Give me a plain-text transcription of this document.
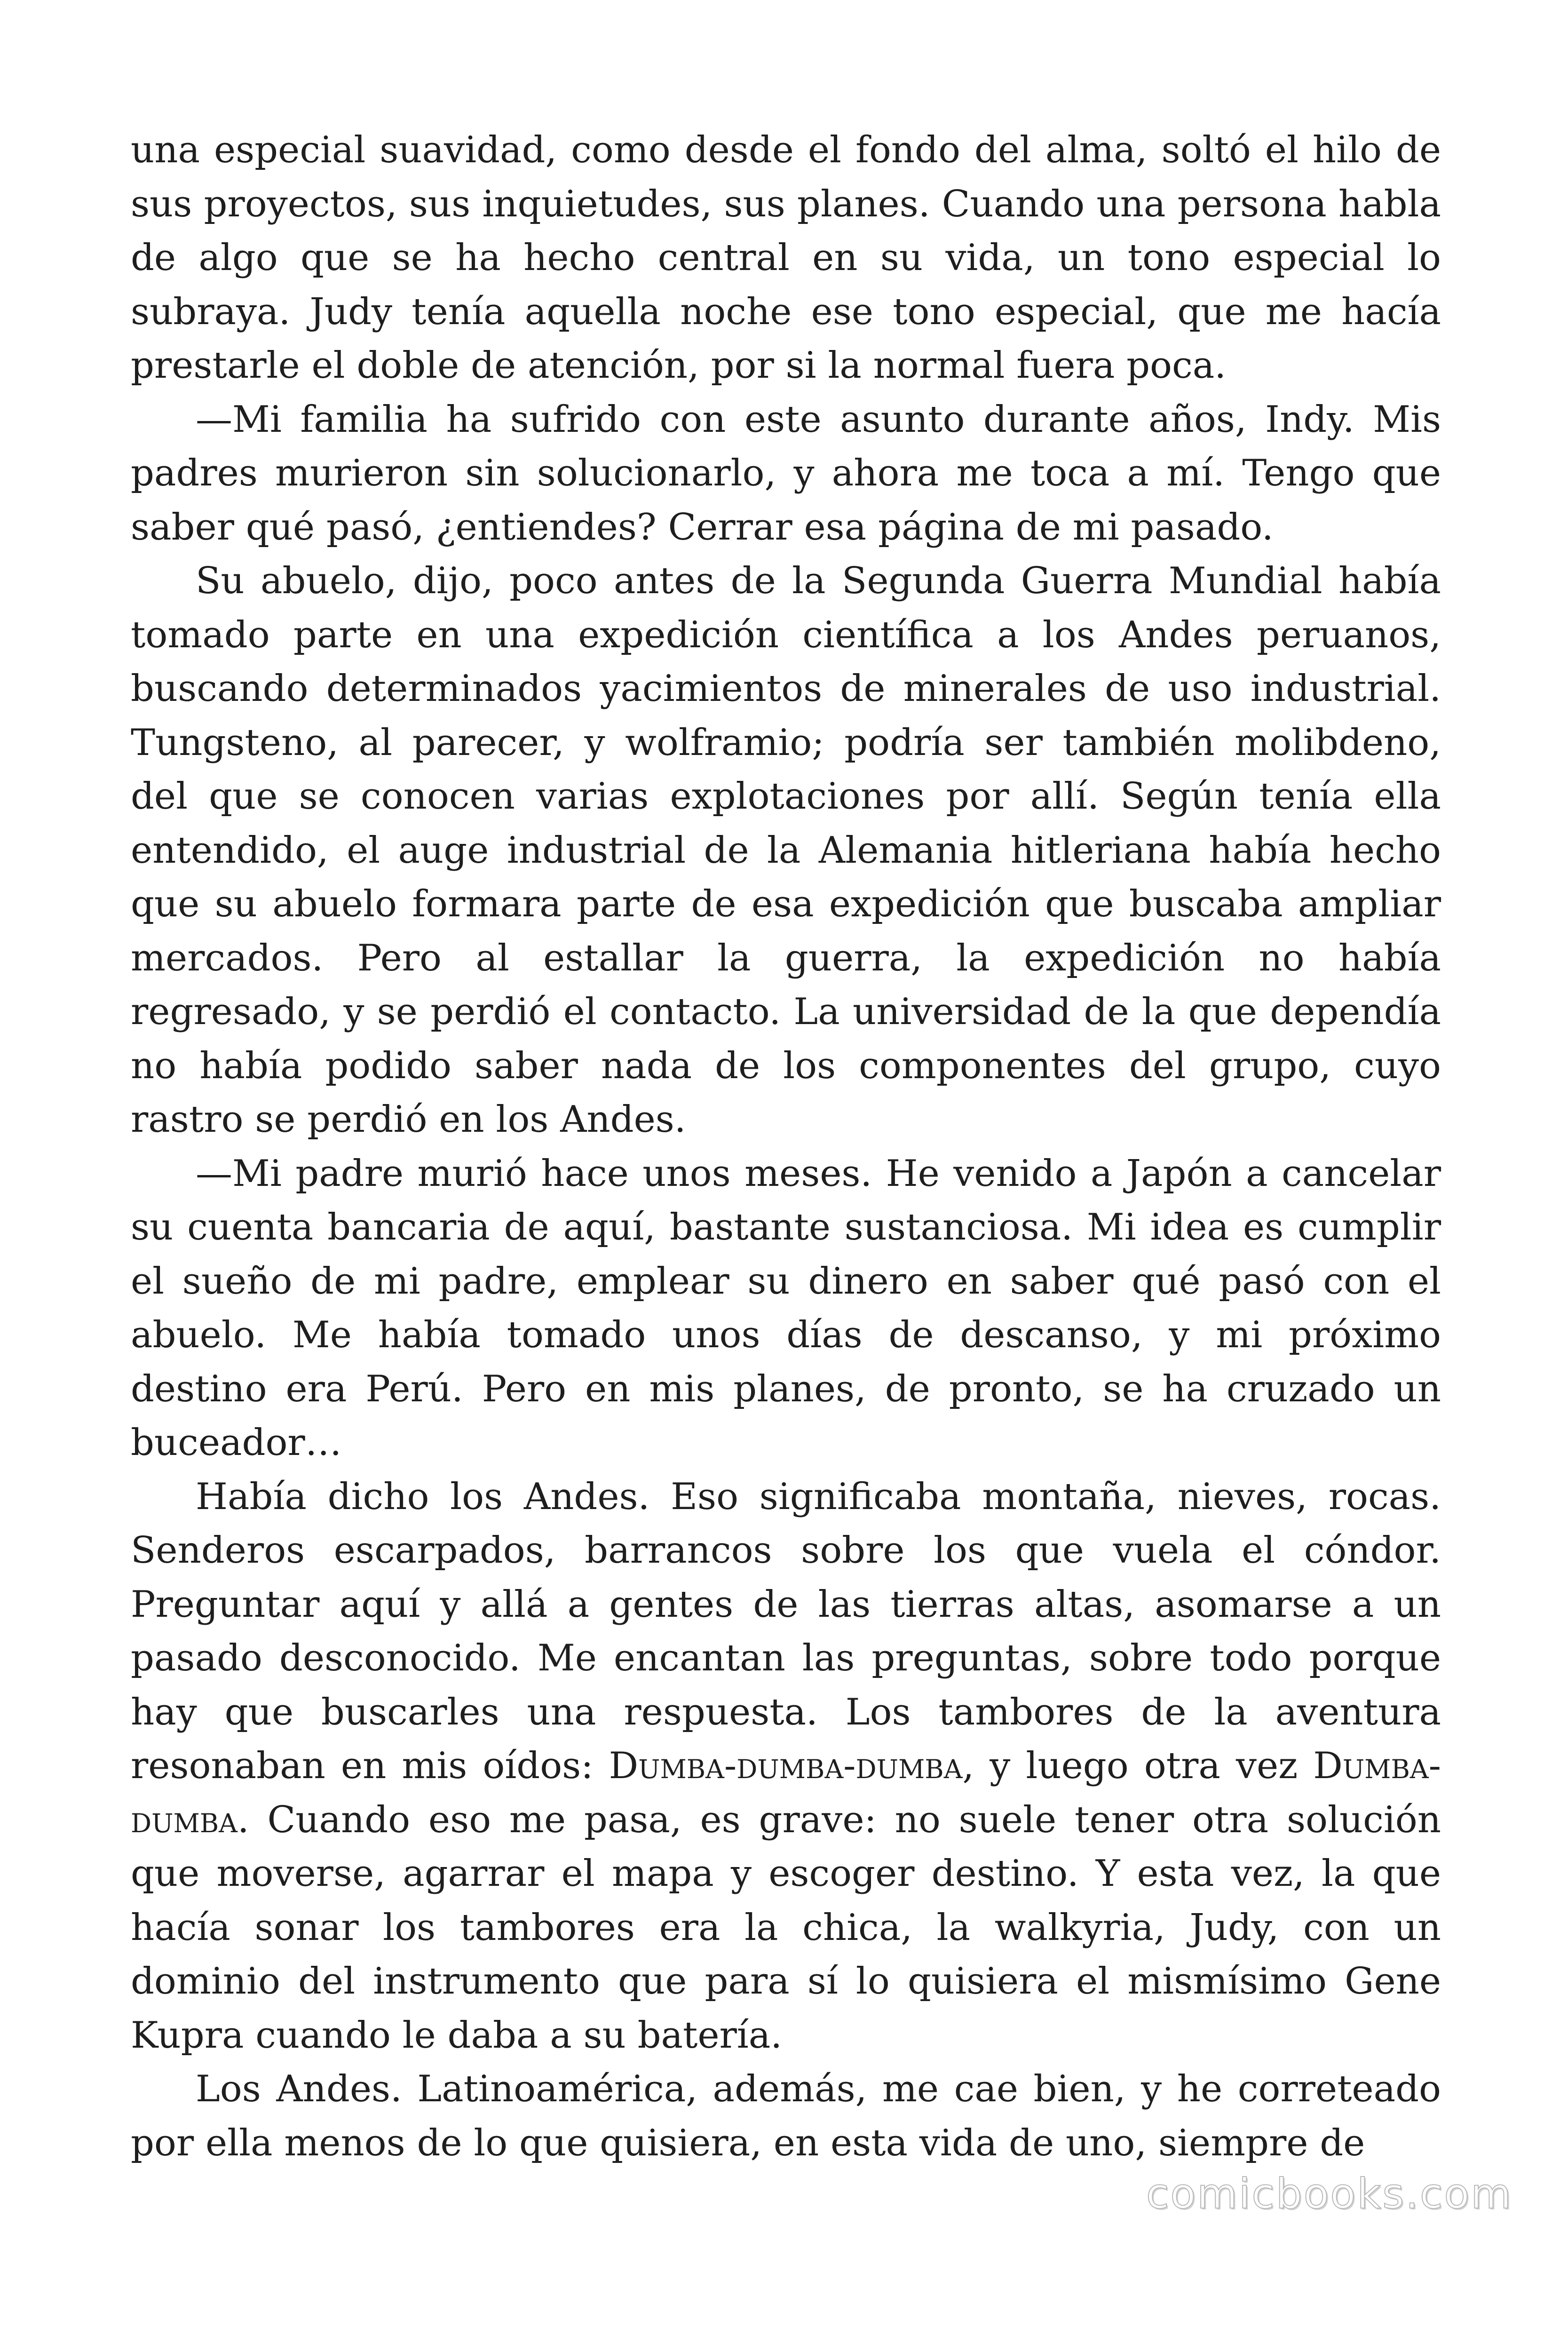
una especial suavidad, como desde el fondo del alma, soltó el hilo de sus proyectos, sus inquietudes, sus planes. Cuando una persona habla de algo que se ha hecho central en su vida, un tono especial lo subraya. Judy tenía aquella noche ese tono especial, que me hacía prestarle el doble de atención, por si la normal fuera poca.

—Mi familia ha sufrido con este asunto durante años, Indy. Mis padres murieron sin solucionarlo, y ahora me toca a mí. Tengo que saber qué pasó, ¿entiendes? Cerrar esa página de mi pasado.

Su abuelo, dijo, poco antes de la Segunda Guerra Mundial había tomado parte en una expedición científica a los Andes peruanos, buscando determinados yacimientos de minerales de uso industrial. Tungsteno, al parecer, y wolframio; podría ser también molibdeno, del que se conocen varias explotaciones por allí. Según tenía ella entendido, el auge industrial de la Alemania hitleriana había hecho que su abuelo formara parte de esa expedición que buscaba ampliar mercados. Pero al estallar la guerra, la expedición no había regresado, y se perdió el contacto. La universidad de la que dependía no había podido saber nada de los componentes del grupo, cuyo rastro se perdió en los Andes.

—Mi padre murió hace unos meses. He venido a Japón a cancelar su cuenta bancaria de aquí, bastante sustanciosa. Mi idea es cumplir el sueño de mi padre, emplear su dinero en saber qué pasó con el abuelo. Me había tomado unos días de descanso, y mi próximo destino era Perú. Pero en mis planes, de pronto, se ha cruzado un buceador…

Había dicho los Andes. Eso significaba montaña, nieves, rocas. Senderos escarpados, barrancos sobre los que vuela el cóndor. Preguntar aquí y allá a gentes de las tierras altas, asomarse a un pasado desconocido. Me encantan las preguntas, sobre todo porque hay que buscarles una respuesta. Los tambores de la aventura resonaban en mis oídos: Dumba-dumba-dumba, y luego otra vez Dumba-dumba. Cuando eso me pasa, es grave: no suele tener otra solución que moverse, agarrar el mapa y escoger destino. Y esta vez, la que hacía sonar los tambores era la chica, la walkyria, Judy, con un dominio del instrumento que para sí lo quisiera el mismísimo Gene Kupra cuando le daba a su batería.

Los Andes. Latinoamérica, además, me cae bien, y he correteado por ella menos de lo que quisiera, en esta vida de uno, siempre de

comicbooks.com
